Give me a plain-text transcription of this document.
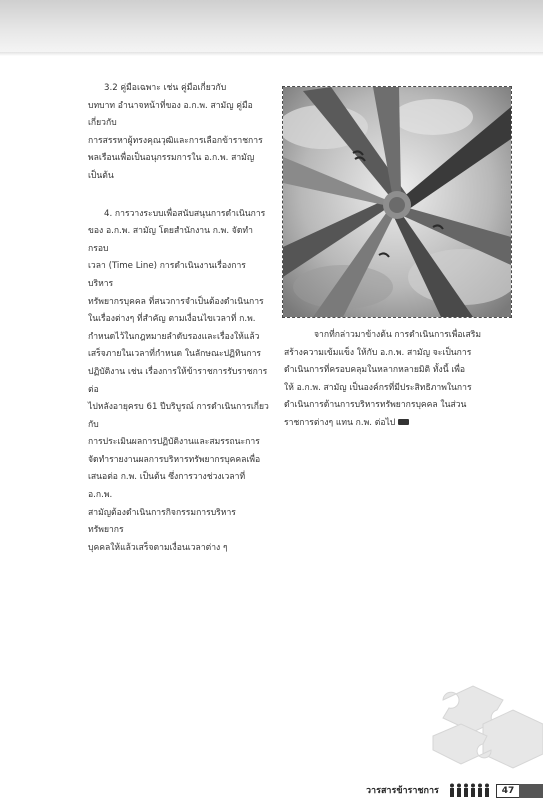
3.2 คู่มือเฉพาะ เช่น คู่มือเกี่ยวกับ

บทบาท อำนาจหน้าที่ของ อ.ก.พ. สามัญ คู่มือเกี่ยวกับ

การสรรหาผู้ทรงคุณวุฒิและการเลือกข้าราชการ

พลเรือนเพื่อเป็นอนุกรรมการใน อ.ก.พ. สามัญ

เป็นต้น

4. การวางระบบเพื่อสนับสนุนการดำเนินการ

ของ อ.ก.พ. สามัญ โดยสำนักงาน ก.พ. จัดทำกรอบ

เวลา (Time Line) การดำเนินงานเรื่องการบริหาร

ทรัพยากรบุคคล ที่สนวการจำเป็นต้องดำเนินการ

ในเรื่องต่างๆ ที่สำคัญ ตามเงื่อนไขเวลาที่ ก.พ.

กำหนดไว้ในกฎหมายลำดับรองและเรื่องให้แล้ว

เสร็จภายในเวลาที่กำหนด ในลักษณะปฏิทินการ

ปฏิบัติงาน เช่น เรื่องการให้ข้าราชการรับราชการต่อ

ไปหลังอายุครบ 61 ปีบริบูรณ์ การดำเนินการเกี่ยวกับ

การประเมินผลการปฏิบัติงานและสมรรถนะการ

จัดทำรายงานผลการบริหารทรัพยากรบุคคลเพื่อ

เสนอต่อ ก.พ. เป็นต้น ซึ่งการวางช่วงเวลาที่ อ.ก.พ.

สามัญต้องดำเนินการกิจกรรมการบริหารทรัพยากร

บุคคลให้แล้วเสร็จตามเงื่อนเวลาต่าง ๆ

จากที่กล่าวมาข้างต้น การดำเนินการเพื่อเสริม

สร้างความเข้มแข็ง ให้กับ อ.ก.พ. สามัญ จะเป็นการ

ดำเนินการที่ครอบคลุมในหลากหลายมิติ ทั้งนี้ เพื่อ

ให้ อ.ก.พ. สามัญ เป็นองค์กรที่มีประสิทธิภาพในการ

ดำเนินการด้านการบริหารทรัพยากรบุคคล ในส่วน

ราชการต่างๆ แทน ก.พ. ต่อไป

วารสารข้าราชการ	47
